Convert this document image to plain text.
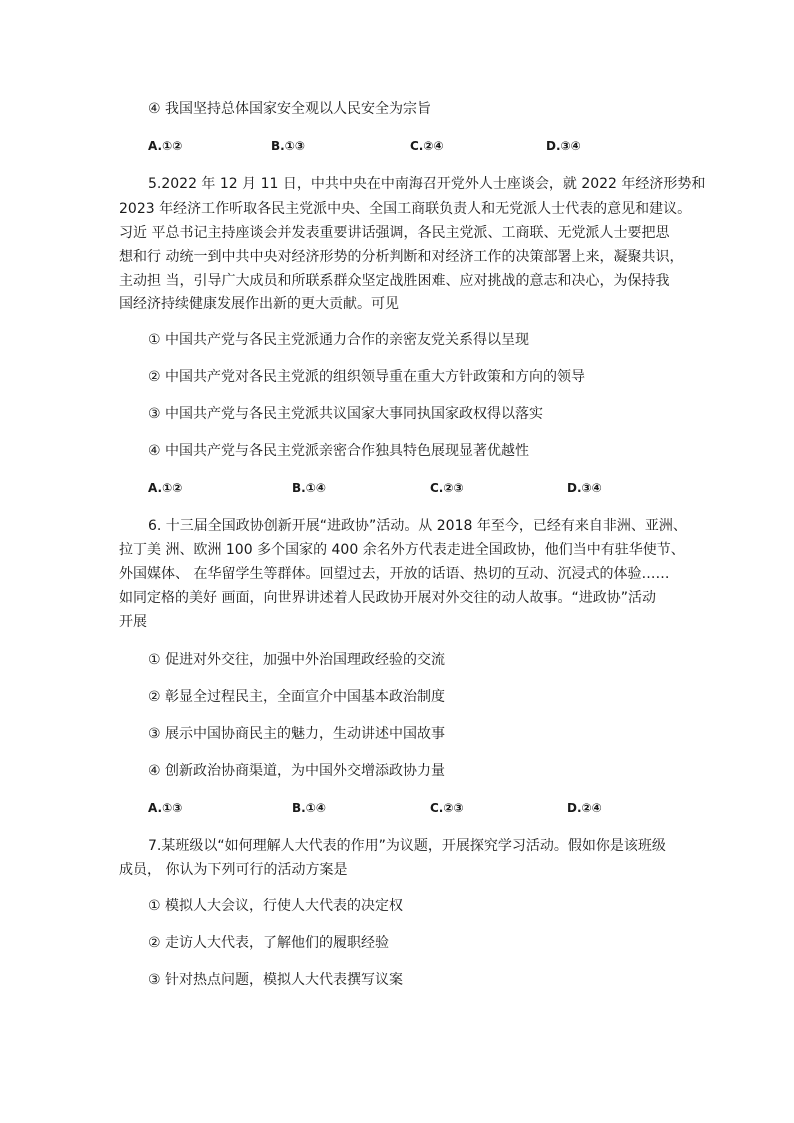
④ 我国坚持总体国家安全观以人民安全为宗旨
A.①②	B.①③	C.②④	D.③④
5.2022 年 12 月 11 日，中共中央在中南海召开党外人士座谈会，就 2022 年经济形势和
2023 年经济工作听取各民主党派中央、全国工商联负责人和无党派人士代表的意见和建议。
习近 平总书记主持座谈会并发表重要讲话强调，各民主党派、工商联、无党派人士要把思
想和行 动统一到中共中央对经济形势的分析判断和对经济工作的决策部署上来，凝聚共识，
主动担 当，引导广大成员和所联系群众坚定战胜困难、应对挑战的意志和决心，为保持我
国经济持续健康发展作出新的更大贡献。可见
① 中国共产党与各民主党派通力合作的亲密友党关系得以呈现
② 中国共产党对各民主党派的组织领导重在重大方针政策和方向的领导
③ 中国共产党与各民主党派共议国家大事同执国家政权得以落实
④ 中国共产党与各民主党派亲密合作独具特色展现显著优越性
A.①②	B.①④	C.②③	D.③④
6. 十三届全国政协创新开展“进政协”活动。从 2018 年至今，已经有来自非洲、亚洲、
拉丁美 洲、欧洲 100 多个国家的 400 余名外方代表走进全国政协，他们当中有驻华使节、
外国媒体、 在华留学生等群体。回望过去，开放的话语、热切的互动、沉浸式的体验……
如同定格的美好 画面，向世界讲述着人民政协开展对外交往的动人故事。“进政协”活动
开展
① 促进对外交往，加强中外治国理政经验的交流
② 彰显全过程民主，全面宣介中国基本政治制度
③ 展示中国协商民主的魅力，生动讲述中国故事
④ 创新政治协商渠道，为中国外交增添政协力量
A.①③	B.①④	C.②③	D.②④
7.某班级以“如何理解人大代表的作用”为议题，开展探究学习活动。假如你是该班级
成员， 你认为下列可行的活动方案是
① 模拟人大会议，行使人大代表的决定权
② 走访人大代表，了解他们的履职经验
③ 针对热点问题，模拟人大代表撰写议案
